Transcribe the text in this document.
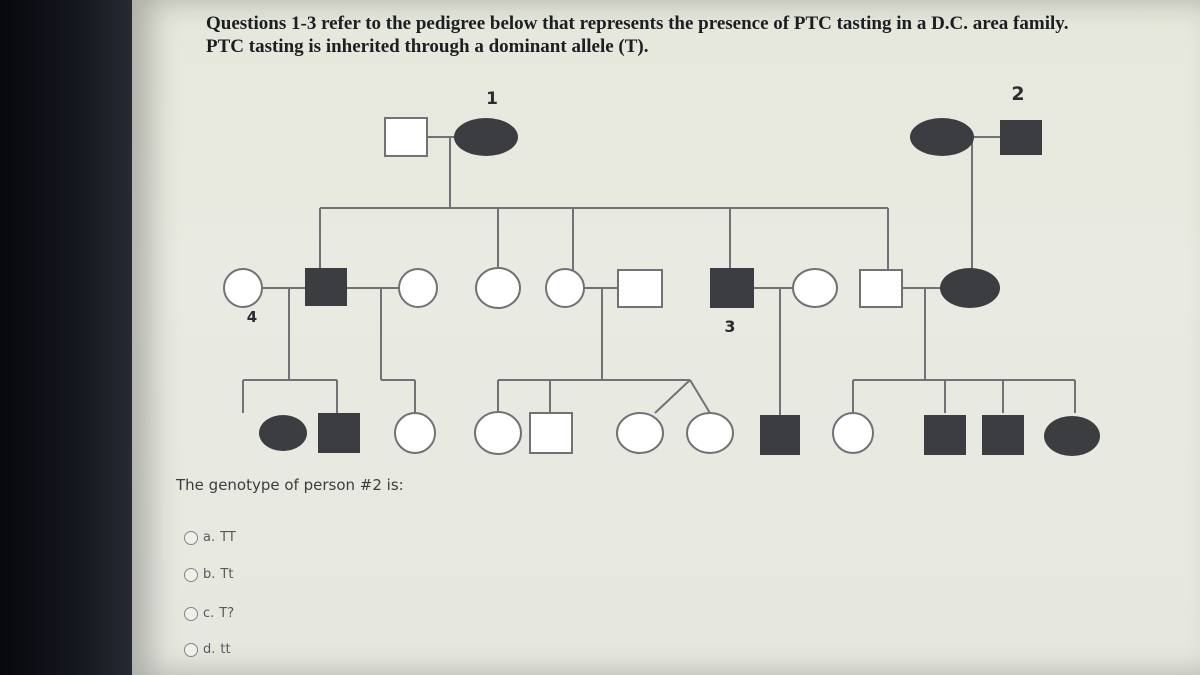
Questions 1-3 refer to the pedigree below that represents the presence of PTC tasting in a D.C. area family. PTC tasting is inherited through a dominant allele (T).

1	2
4	3
The genotype of person #2 is:
a. TT
b. Tt
c. T?
d. tt
